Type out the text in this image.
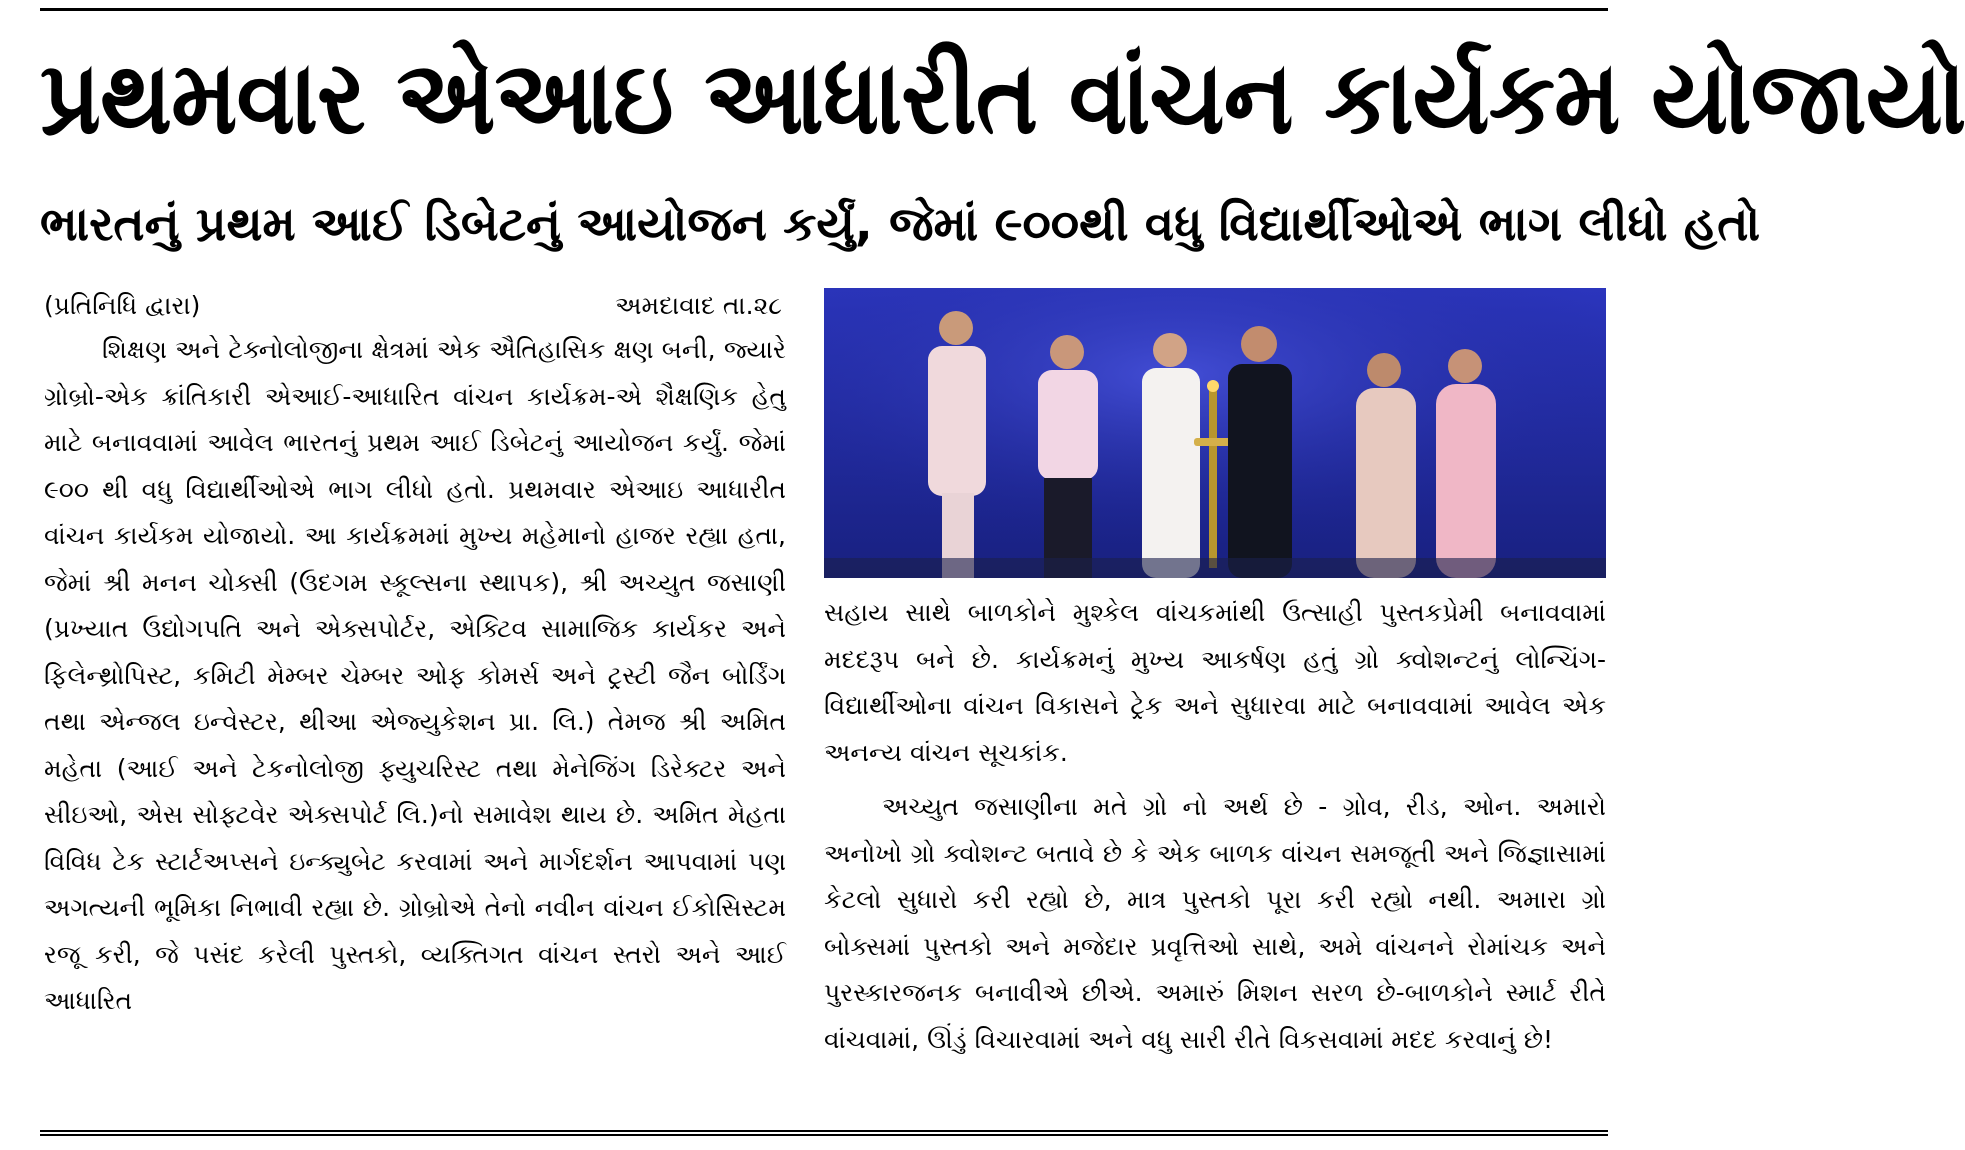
પ્રથમવાર એઆઇ આધારીત વાંચન કાર્યકમ યોજાયો
ભારતનું પ્રથમ આઈ ડિબેટનું આયોજન કર્યું, જેમાં ૯૦૦થી વધુ વિદ્યાર્થીઓએ ભાગ લીધો હતો
(પ્રતિનિધિ દ્વારા)	અમદાવાદ તા.૨૮

શિક્ષણ અને ટેક્નોલોજીના ક્ષેત્રમાં એક ઐતિહાસિક ક્ષણ બની, જ્યારે ગ્રોબ્રો-એક ક્રાંતિકારી એઆઈ-આધારિત વાંચન કાર્યક્રમ-એ શૈક્ષણિક હેતુ માટે બનાવવામાં આવેલ ભારતનું પ્રથમ આઈ ડિબેટનું આયોજન કર્યું. જેમાં ૯૦૦ થી વધુ વિદ્યાર્થીઓએ ભાગ લીધો હતો. પ્રથમવાર એઆઇ આધારીત વાંચન કાર્યકમ યોજાયો. આ કાર્યક્રમમાં મુખ્ય મહેમાનો હાજર રહ્યા હતા, જેમાં શ્રી મનન ચોક્સી (ઉદગમ સ્કૂલ્સના સ્થાપક), શ્રી અચ્યુત જસાણી (પ્રખ્યાત ઉદ્યોગપતિ અને એક્સપોર્ટર, એક્ટિવ સામાજિક કાર્યકર અને ફિલેન્થ્રોપિસ્ટ, કમિટી મેમ્બર ચેમ્બર ઓફ કોમર્સ અને ટ્રસ્ટી જૈન બોર્ડિંગ તથા એન્જલ ઇન્વેસ્ટર, થીઆ એજ્યુકેશન પ્રા. લિ.) તેમજ શ્રી અમિત મહેતા (આઈ અને ટેકનોલોજી ફ્યુચરિસ્ટ તથા મેનેજિંગ ડિરેક્ટર અને સીઇઓ, એસ સોફ્ટવેર એક્સપોર્ટ લિ.)નો સમાવેશ થાય છે. અમિત મેહતા વિવિધ ટેક સ્ટાર્ટઅપ્સને ઇન્ક્યુબેટ કરવામાં અને માર્ગદર્શન આપવામાં પણ અગત્યની ભૂમિકા નિભાવી રહ્યા છે. ગ્રોબ્રોએ તેનો નવીન વાંચન ઈકોસિસ્ટમ રજૂ કરી, જે પસંદ કરેલી પુસ્તકો, વ્યક્તિગત વાંચન સ્તરો અને આઈ આધારિત

સહાય સાથે બાળકોને મુશ્કેલ વાંચકમાંથી ઉત્સાહી પુસ્તકપ્રેમી બનાવવામાં મદદરૂપ બને છે. કાર્યક્રમનું મુખ્ય આકર્ષણ હતું ગ્રો ક્વોશન્ટનું લોન્ચિંગ-વિદ્યાર્થીઓના વાંચન વિકાસને ટ્રેક અને સુધારવા માટે બનાવવામાં આવેલ એક અનન્ય વાંચન સૂચકાંક.

અચ્યુત જસાણીના મતે ગ્રો નો અર્થ છે - ગ્રોવ, રીડ, ઓન. અમારો અનોખો ગ્રો ક્વોશન્ટ બતાવે છે કે એક બાળક વાંચન સમજૂતી અને જિજ્ઞાસામાં કેટલો સુધારો કરી રહ્યો છે, માત્ર પુસ્તકો પૂરા કરી રહ્યો નથી. અમારા ગ્રો બોક્સમાં પુસ્તકો અને મજેદાર પ્રવૃત્તિઓ સાથે, અમે વાંચનને રોમાંચક અને પુરસ્કારજનક બનાવીએ છીએ. અમારું મિશન સરળ છે-બાળકોને સ્માર્ટ રીતે વાંચવામાં, ઊંડું વિચારવામાં અને વધુ સારી રીતે વિકસવામાં મદદ કરવાનું છે!
